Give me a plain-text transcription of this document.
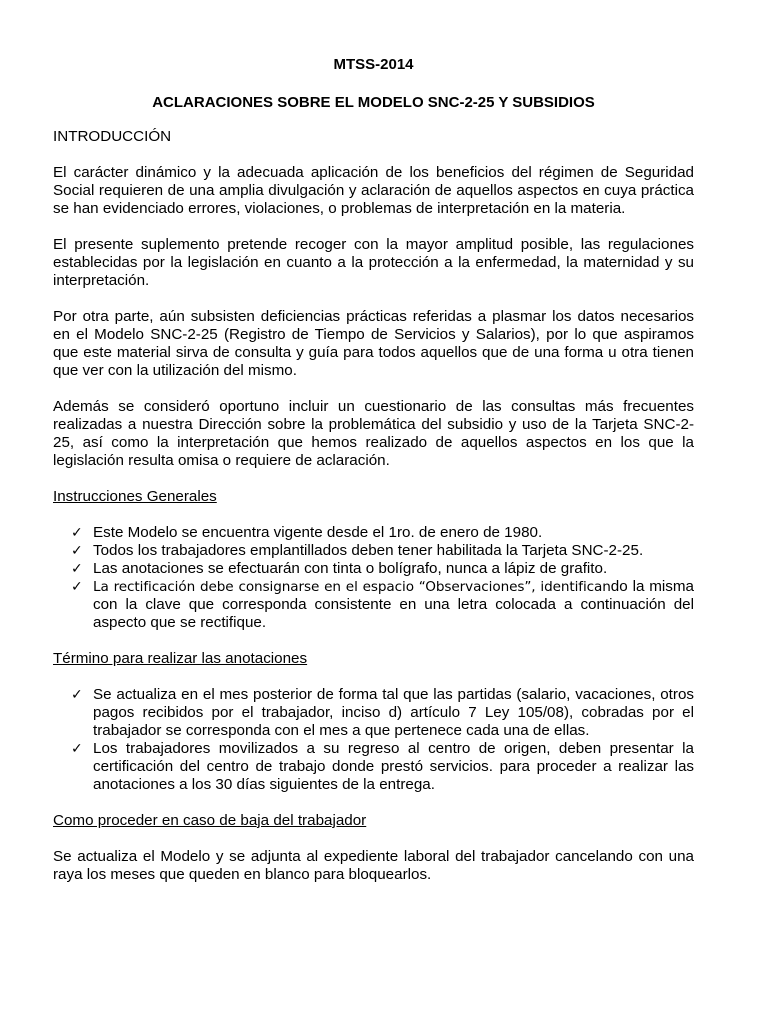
MTSS-2014
ACLARACIONES SOBRE EL MODELO SNC-2-25 Y SUBSIDIOS
INTRODUCCIÓN

El carácter dinámico y la adecuada aplicación de los beneficios del régimen de Seguridad Social requieren de una amplia divulgación y aclaración de aquellos aspectos en cuya práctica se han evidenciado errores, violaciones, o problemas de interpretación en la materia.

El presente suplemento pretende recoger con la mayor amplitud posible, las regulaciones establecidas por la legislación en cuanto a la protección a la enfermedad, la maternidad y su interpretación.

Por otra parte, aún subsisten deficiencias prácticas referidas a plasmar los datos necesarios en el Modelo SNC-2-25 (Registro de Tiempo de Servicios y Salarios), por lo que aspiramos que este material sirva de consulta y guía para todos aquellos que de una forma u otra tienen que ver con la utilización del mismo.

Además se consideró oportuno incluir un cuestionario de las consultas más frecuentes realizadas a nuestra Dirección sobre la problemática del subsidio y uso de la Tarjeta SNC-2-25, así como la interpretación que hemos realizado de aquellos aspectos en los que la legislación resulta omisa o requiere de aclaración.

Instrucciones Generales
✓ Este Modelo se encuentra vigente desde el 1ro. de enero de 1980.
✓ Todos los trabajadores emplantillados deben tener habilitada la Tarjeta SNC-2-25.
✓ Las anotaciones se efectuarán con tinta o bolígrafo, nunca a lápiz de grafito.
✓ La rectificación debe consignarse en el espacio “Observaciones”, identificando la misma con la clave que corresponda consistente en una letra colocada a continuación del aspecto que se rectifique.
Término para realizar las anotaciones
✓ Se actualiza en el mes posterior de forma tal que las partidas (salario, vacaciones, otros pagos recibidos por el trabajador, inciso d) artículo 7 Ley 105/08), cobradas por el trabajador se corresponda con el mes a que pertenece cada una de ellas.
✓ Los trabajadores movilizados a su regreso al centro de origen, deben presentar la certificación del centro de trabajo donde prestó servicios. para proceder a realizar las anotaciones a los 30 días siguientes de la entrega.
Como proceder en caso de baja del trabajador

Se actualiza el Modelo y se adjunta al expediente laboral del trabajador cancelando con una raya los meses que queden en blanco para bloquearlos.
